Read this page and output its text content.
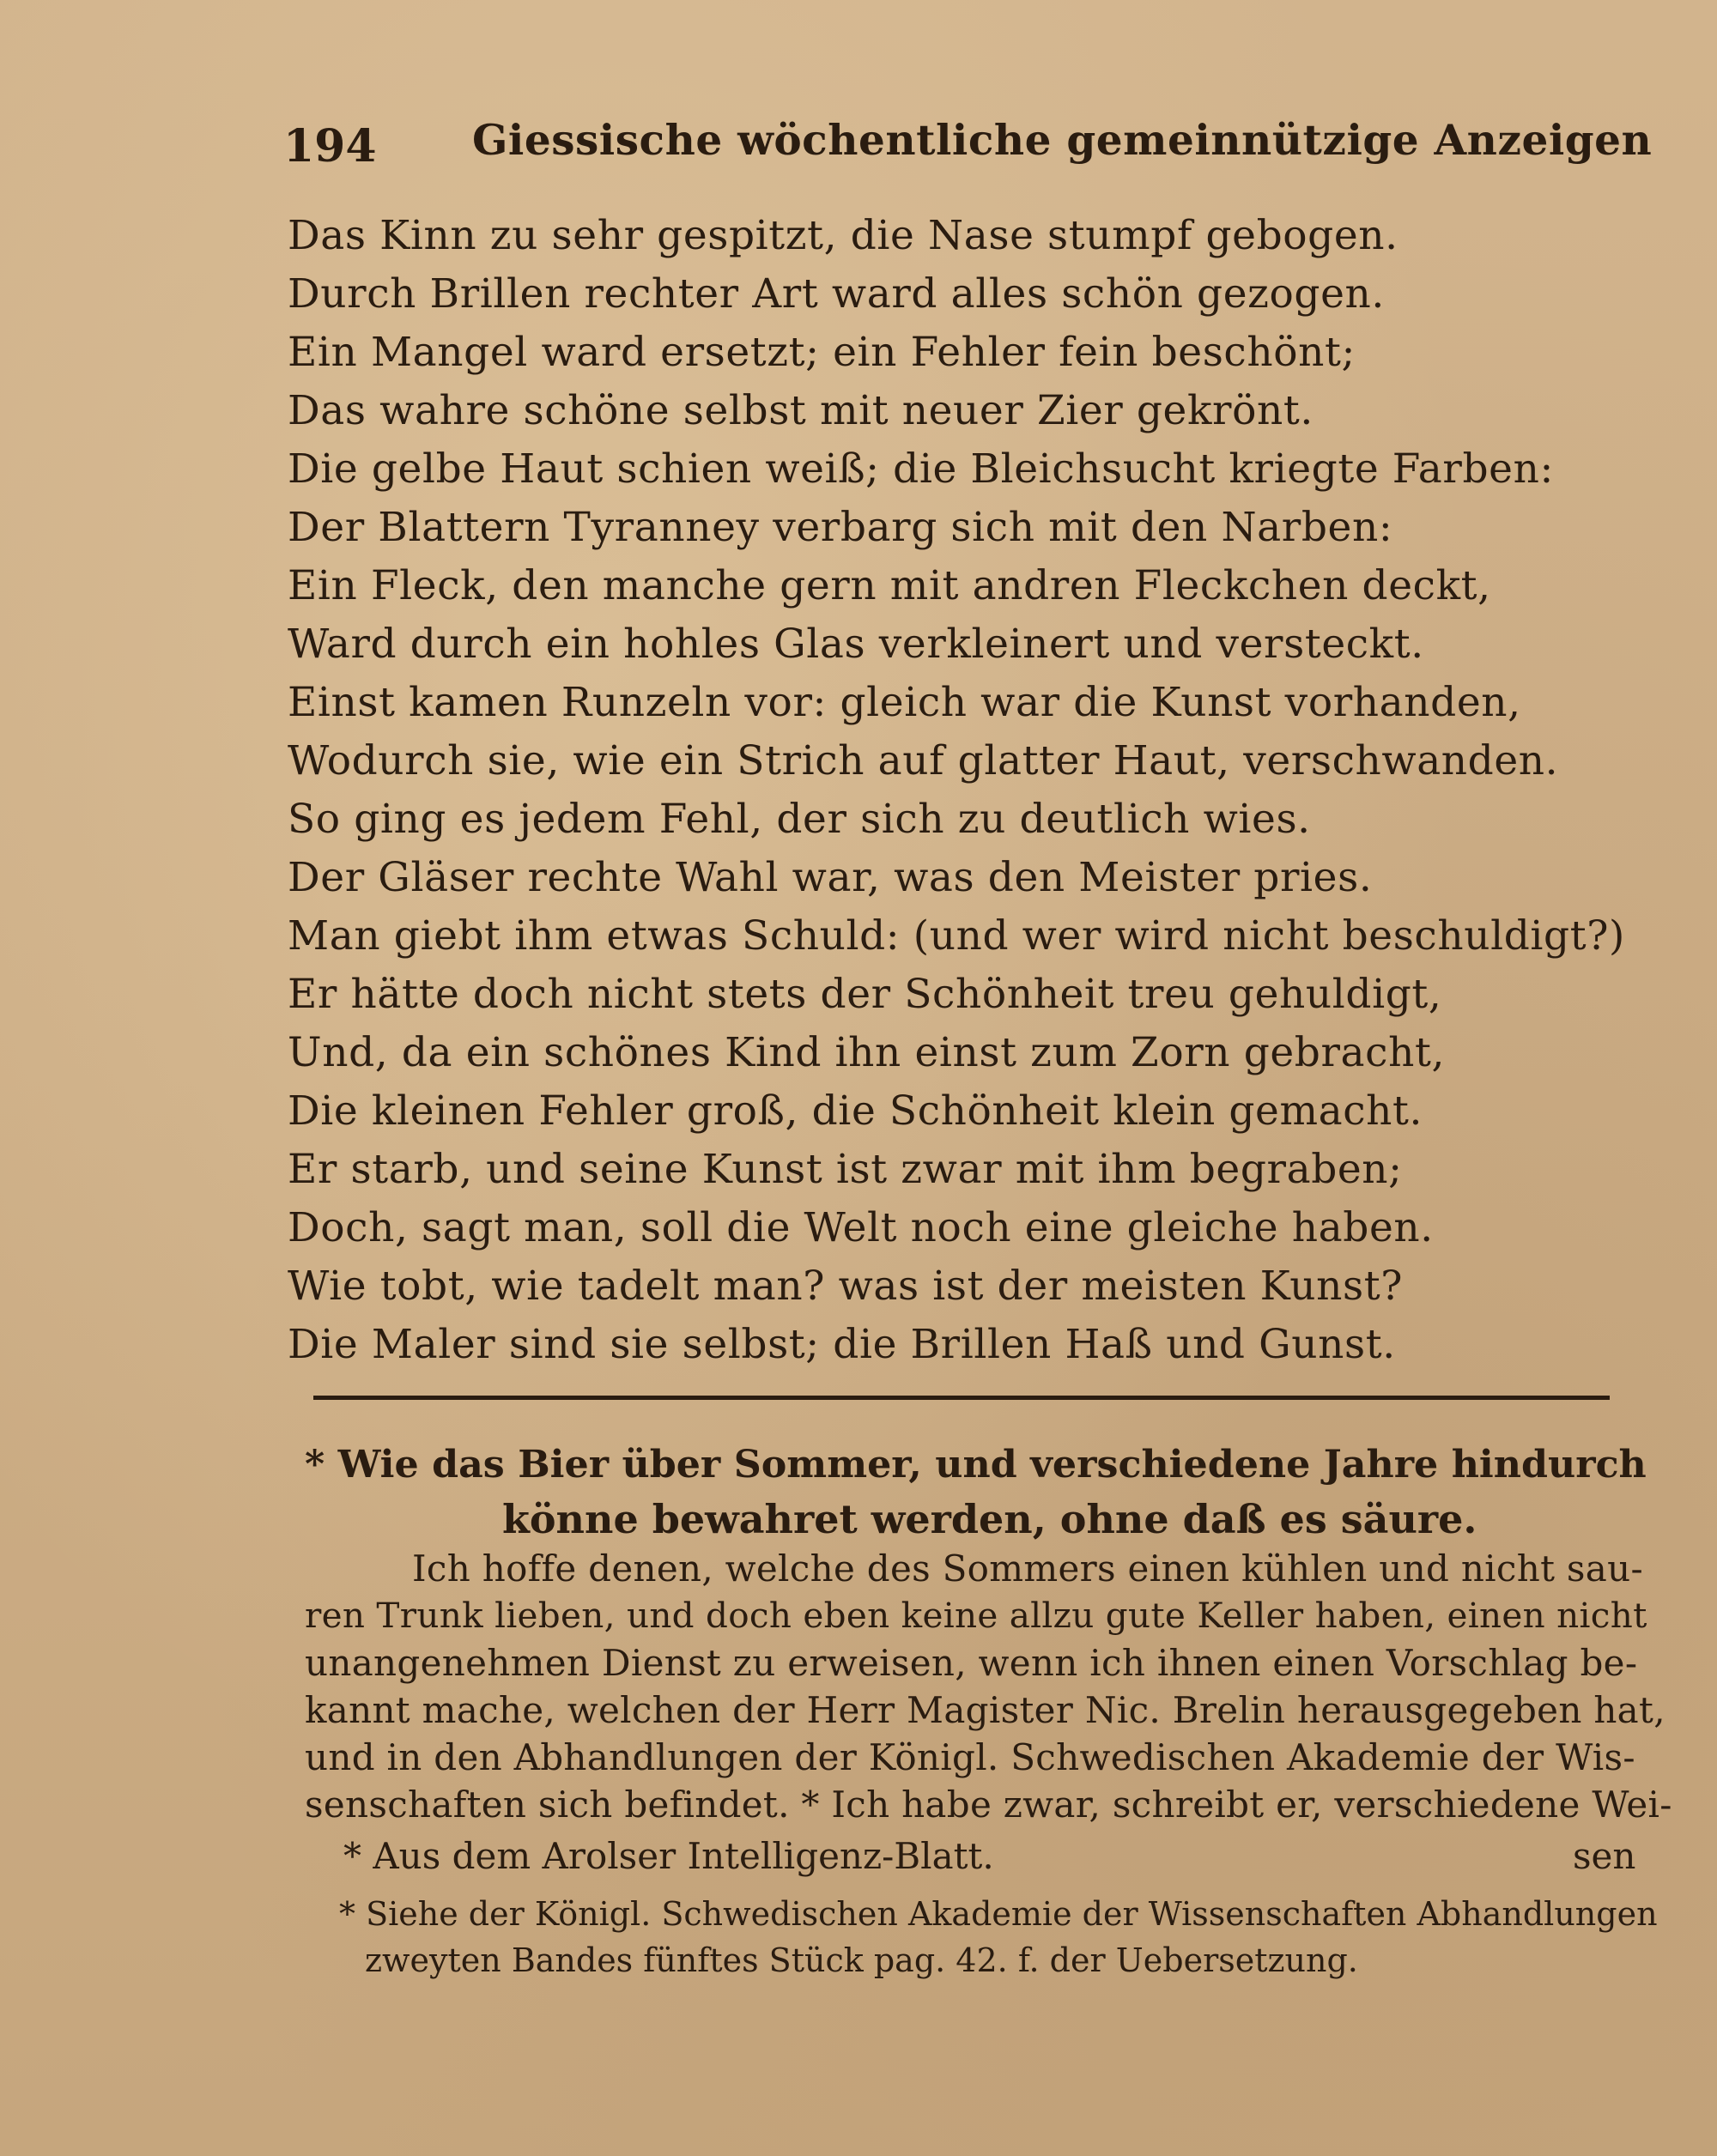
194 Giessische wöchentliche gemeinnützige Anzeigen
Das Kinn zu sehr gespitzt, die Nase stumpf gebogen.
Durch Brillen rechter Art ward alles schön gezogen.
Ein Mangel ward ersetzt; ein Fehler fein beschönt;
Das wahre schöne selbst mit neuer Zier gekrönt.
Die gelbe Haut schien weiß; die Bleichsucht kriegte Farben:
Der Blattern Tyranney verbarg sich mit den Narben:
Ein Fleck, den manche gern mit andren Fleckchen deckt,
Ward durch ein hohles Glas verkleinert und versteckt.
Einst kamen Runzeln vor: gleich war die Kunst vorhanden,
Wodurch sie, wie ein Strich auf glatter Haut, verschwanden.
So ging es jedem Fehl, der sich zu deutlich wies.
Der Gläser rechte Wahl war, was den Meister pries.
Man giebt ihm etwas Schuld: (und wer wird nicht beschuldigt?)
Er hätte doch nicht stets der Schönheit treu gehuldigt,
Und, da ein schönes Kind ihn einst zum Zorn gebracht,
Die kleinen Fehler groß, die Schönheit klein gemacht.
Er starb, und seine Kunst ist zwar mit ihm begraben;
Doch, sagt man, soll die Welt noch eine gleiche haben.
Wie tobt, wie tadelt man? was ist der meisten Kunst?
Die Maler sind sie selbst; die Brillen Haß und Gunst.
* Wie das Bier über Sommer, und verschiedene Jahre hindurch
könne bewahret werden, ohne daß es säure.
Ich hoffe denen, welche des Sommers einen kühlen und nicht sau-
ren Trunk lieben, und doch eben keine allzu gute Keller haben, einen nicht
unangenehmen Dienst zu erweisen, wenn ich ihnen einen Vorschlag be-
kannt mache, welchen der Herr Magister Nic. Brelin herausgegeben hat,
und in den Abhandlungen der Königl. Schwedischen Akademie der Wis-
senschaften sich befindet. * Ich habe zwar, schreibt er, verschiedene Wei-
* Aus dem Arolser Intelligenz-Blatt.	sen
* Siehe der Königl. Schwedischen Akademie der Wissenschaften Abhandlungen
zweyten Bandes fünftes Stück pag. 42. f. der Uebersetzung.
